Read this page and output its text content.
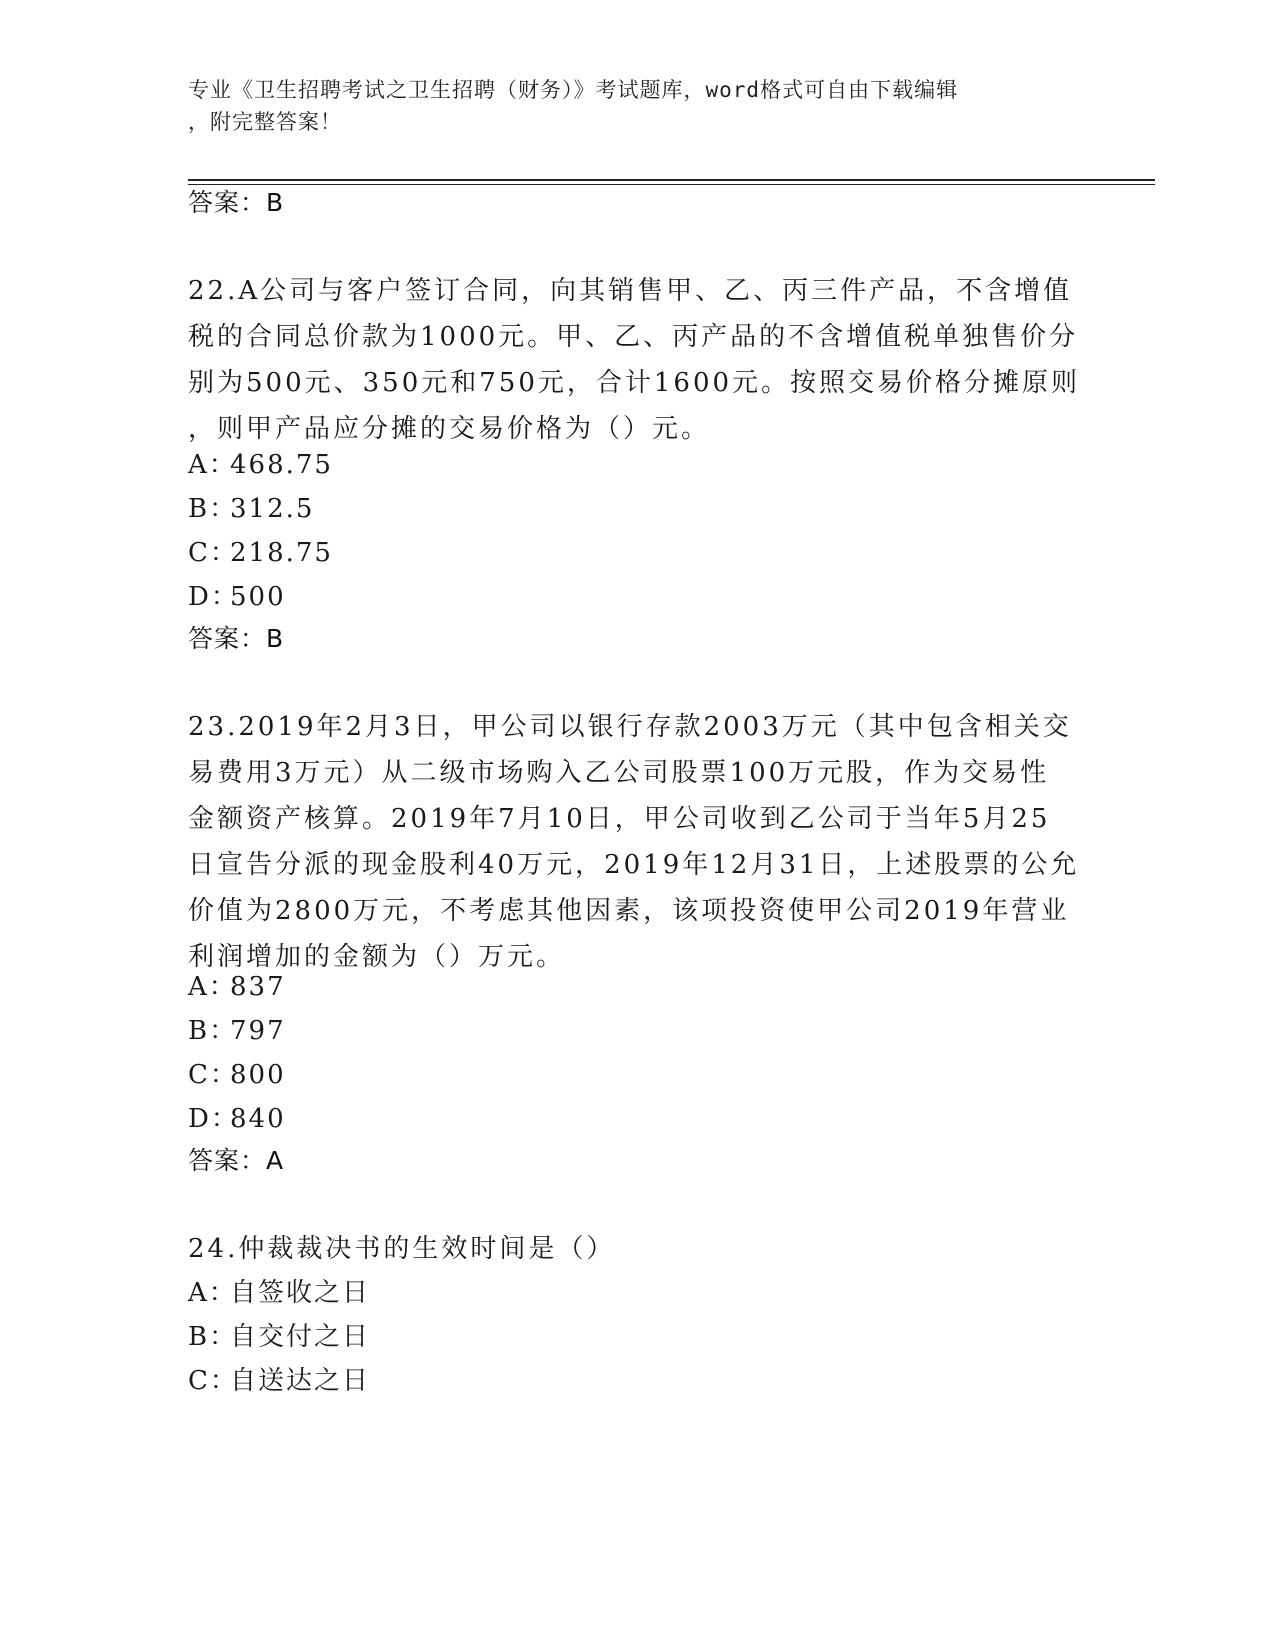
专业《卫生招聘考试之卫生招聘（财务）》考试题库，word格式可自由下载编辑
，附完整答案！
答案：B
22.A公司与客户签订合同，向其销售甲、乙、丙三件产品，不含增值
税的合同总价款为1000元。甲、乙、丙产品的不含增值税单独售价分
别为500元、350元和750元，合计1600元。按照交易价格分摊原则
，则甲产品应分摊的交易价格为（）元。
A：468.75
B：312.5
C：218.75
D：500
答案：B
23.2019年2月3日，甲公司以银行存款2003万元（其中包含相关交
易费用3万元）从二级市场购入乙公司股票100万元股，作为交易性
金额资产核算。2019年7月10日，甲公司收到乙公司于当年5月25
日宣告分派的现金股利40万元，2019年12月31日，上述股票的公允
价值为2800万元，不考虑其他因素，该项投资使甲公司2019年营业
利润增加的金额为（）万元。
A：837
B：797
C：800
D：840
答案：A
24.仲裁裁决书的生效时间是（）
A：自签收之日
B：自交付之日
C：自送达之日
